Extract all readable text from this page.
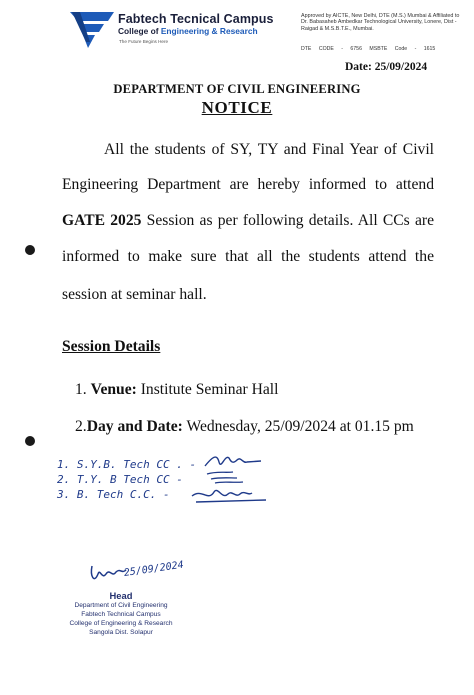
Fabtech Tecnical Campus
College of Engineering & Research
The Future Begins Here
Approved by AICTE, New Delhi, DTE (M.S.) Mumbai & Affiliated to Dr. Babasaheb Ambedkar Technological University, Lonere, Dist - Raigad & M.S.B.T.E., Mumbai.
DTE CODE - 6756 MSBTE Code - 1615
Date: 25/09/2024
DEPARTMENT OF CIVIL ENGINEERING
NOTICE
All the students of SY, TY and Final Year of Civil
Engineering Department are hereby informed to attend
GATE 2025 Session as per following details. All CCs are
informed to make sure that all the students attend the
session at seminar hall.
Session Details
1. Venue: Institute Seminar Hall
2.Day and Date: Wednesday, 25/09/2024 at 01.15 pm
1. S.Y.B. Tech CC . -
2. T.Y. B Tech CC -
3. B. Tech C.C. -
25/09/2024
Head
Department of Civil Engineering
Fabtech Technical Campus
College of Engineering & Research
Sangola Dist. Solapur
